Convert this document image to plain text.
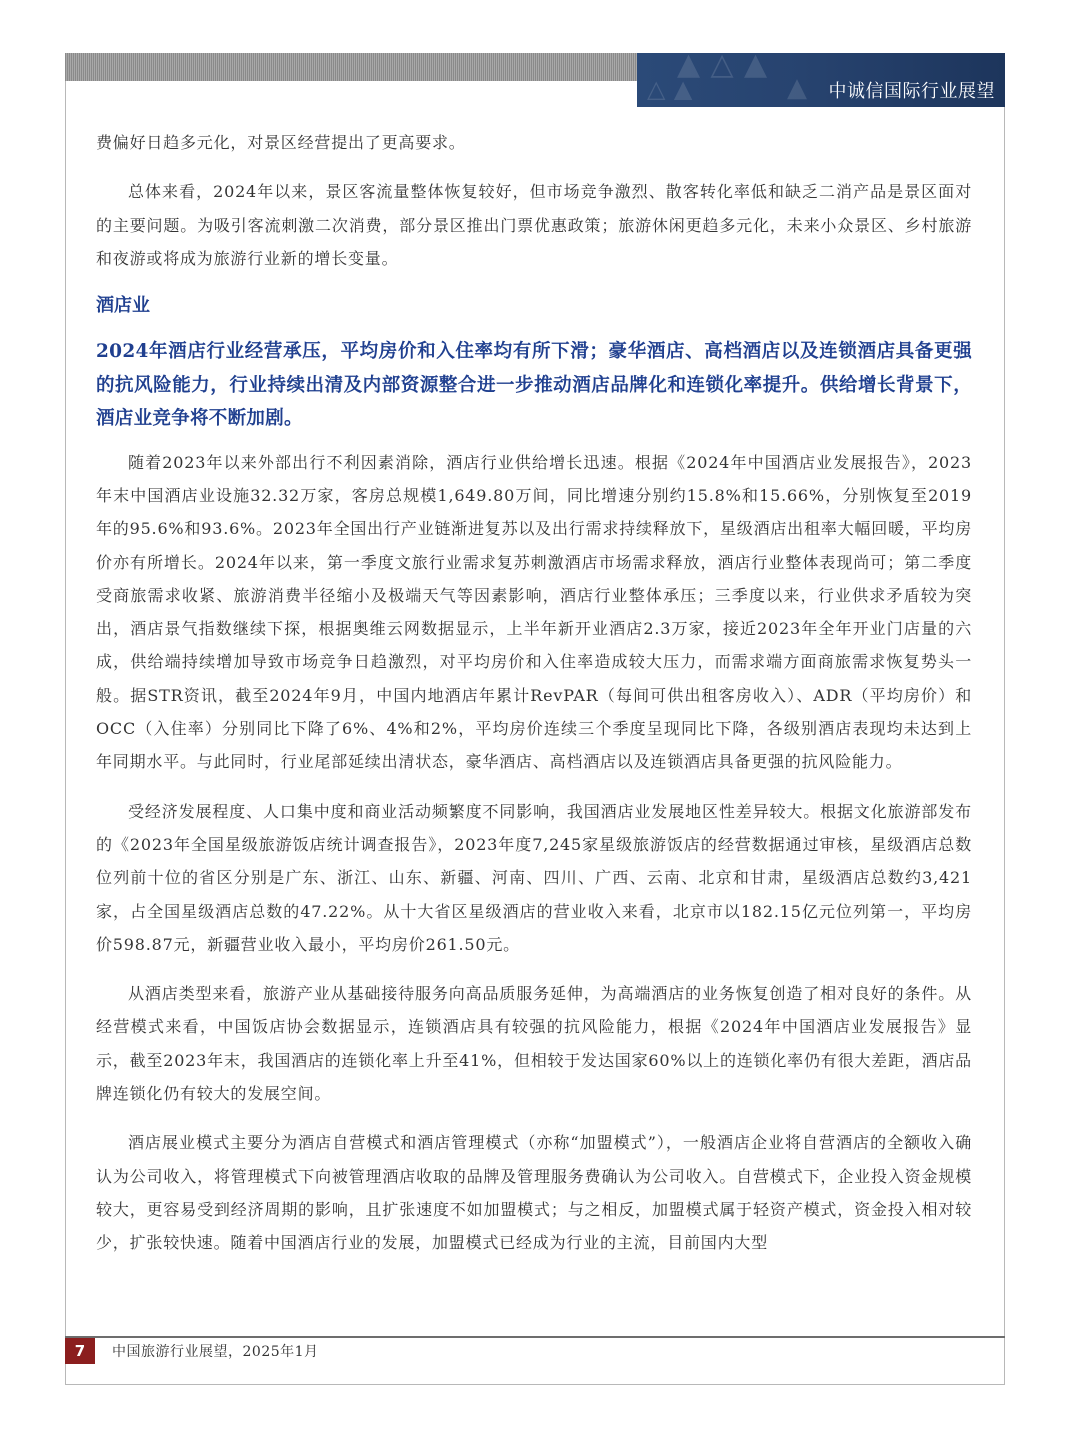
▲ △ ▲
△ ▲	▲ 中诚信国际行业展望

费偏好日趋多元化，对景区经营提出了更高要求。

总体来看，2024年以来，景区客流量整体恢复较好，但市场竞争激烈、散客转化率低和缺乏二消产品是景区面对的主要问题。为吸引客流刺激二次消费，部分景区推出门票优惠政策；旅游休闲更趋多元化，未来小众景区、乡村旅游和夜游或将成为旅游行业新的增长变量。

酒店业
2024年酒店行业经营承压，平均房价和入住率均有所下滑；豪华酒店、高档酒店以及连锁酒店具备更强的抗风险能力，行业持续出清及内部资源整合进一步推动酒店品牌化和连锁化率提升。供给增长背景下，酒店业竞争将不断加剧。

随着2023年以来外部出行不利因素消除，酒店行业供给增长迅速。根据《2024年中国酒店业发展报告》，2023年末中国酒店业设施32.32万家，客房总规模1,649.80万间，同比增速分别约15.8%和15.66%，分别恢复至2019年的95.6%和93.6%。2023年全国出行产业链渐进复苏以及出行需求持续释放下，星级酒店出租率大幅回暖，平均房价亦有所增长。2024年以来，第一季度文旅行业需求复苏刺激酒店市场需求释放，酒店行业整体表现尚可；第二季度受商旅需求收紧、旅游消费半径缩小及极端天气等因素影响，酒店行业整体承压；三季度以来，行业供求矛盾较为突出，酒店景气指数继续下探，根据奥维云网数据显示，上半年新开业酒店2.3万家，接近2023年全年开业门店量的六成，供给端持续增加导致市场竞争日趋激烈，对平均房价和入住率造成较大压力，而需求端方面商旅需求恢复势头一般。据STR资讯，截至2024年9月，中国内地酒店年累计RevPAR（每间可供出租客房收入）、ADR（平均房价）和OCC（入住率）分别同比下降了6%、4%和2%，平均房价连续三个季度呈现同比下降，各级别酒店表现均未达到上年同期水平。与此同时，行业尾部延续出清状态，豪华酒店、高档酒店以及连锁酒店具备更强的抗风险能力。

受经济发展程度、人口集中度和商业活动频繁度不同影响，我国酒店业发展地区性差异较大。根据文化旅游部发布的《2023年全国星级旅游饭店统计调查报告》，2023年度7,245家星级旅游饭店的经营数据通过审核，星级酒店总数位列前十位的省区分别是广东、浙江、山东、新疆、河南、四川、广西、云南、北京和甘肃，星级酒店总数约3,421家，占全国星级酒店总数的47.22%。从十大省区星级酒店的营业收入来看，北京市以182.15亿元位列第一，平均房价598.87元，新疆营业收入最小，平均房价261.50元。

从酒店类型来看，旅游产业从基础接待服务向高品质服务延伸，为高端酒店的业务恢复创造了相对良好的条件。从经营模式来看，中国饭店协会数据显示，连锁酒店具有较强的抗风险能力，根据《2024年中国酒店业发展报告》显示，截至2023年末，我国酒店的连锁化率上升至41%，但相较于发达国家60%以上的连锁化率仍有很大差距，酒店品牌连锁化仍有较大的发展空间。

酒店展业模式主要分为酒店自营模式和酒店管理模式（亦称“加盟模式”），一般酒店企业将自营酒店的全额收入确认为公司收入，将管理模式下向被管理酒店收取的品牌及管理服务费确认为公司收入。自营模式下，企业投入资金规模较大，更容易受到经济周期的影响，且扩张速度不如加盟模式；与之相反，加盟模式属于轻资产模式，资金投入相对较少，扩张较快速。随着中国酒店行业的发展，加盟模式已经成为行业的主流，目前国内大型

7	中国旅游行业展望，2025年1月
